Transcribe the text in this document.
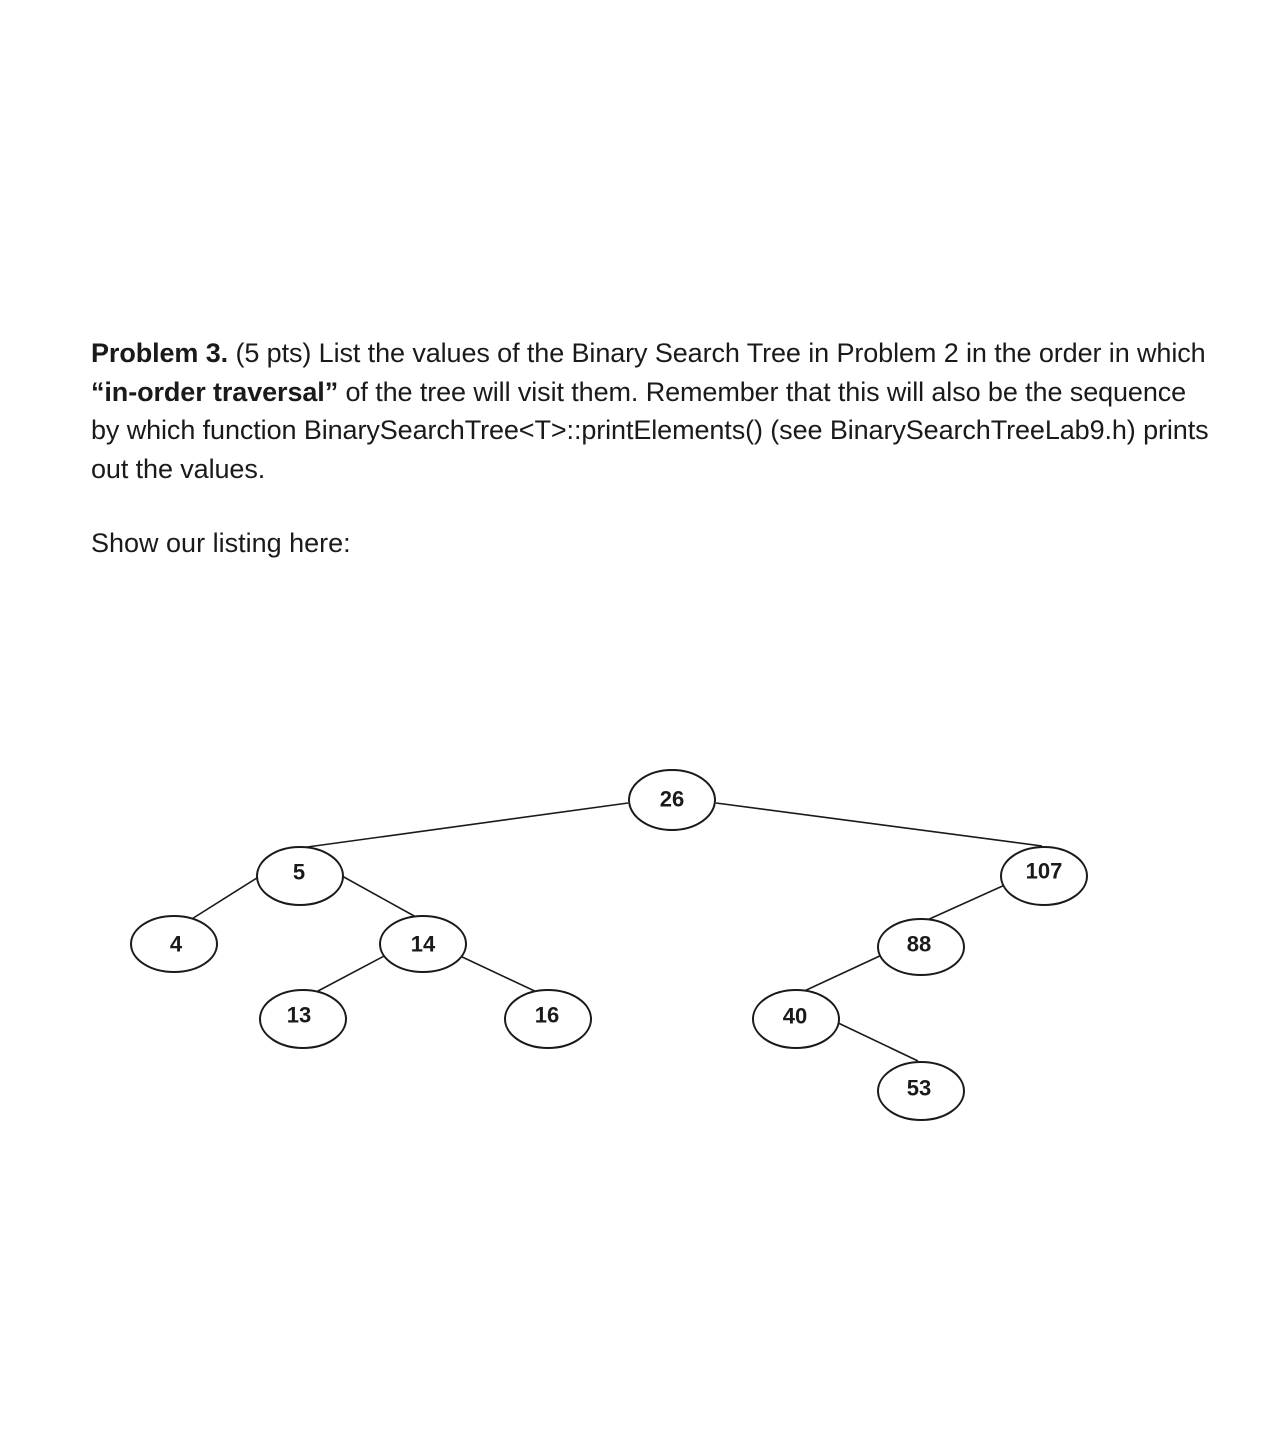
Problem 3. (5 pts) List the values of the Binary Search Tree in Problem 2 in the order in which “in-order traversal” of the tree will visit them. Remember that this will also be the sequence by which function BinarySearchTree<T>::printElements() (see BinarySearchTreeLab9.h) prints out the values.

Show our listing here:

26
5	107
4	14	88
13	16	40
53
